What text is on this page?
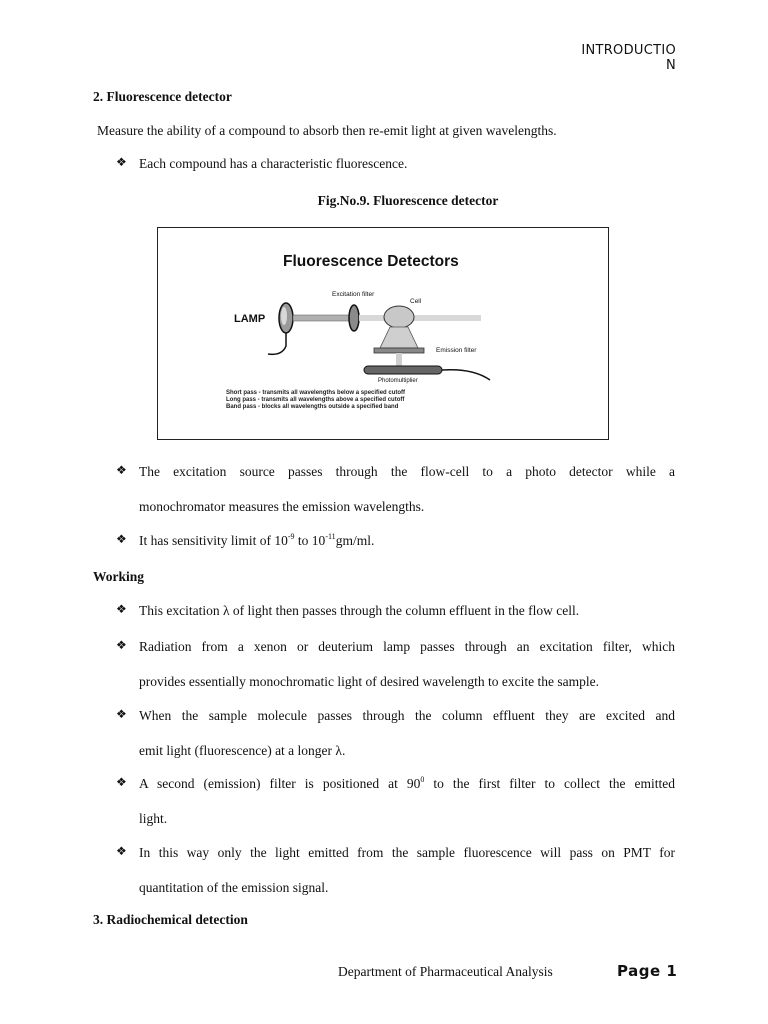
INTRODUCTIO
N
2. Fluorescence detector
Measure the ability of a compound to absorb then re-emit light at given wavelengths.
❖ Each compound has a characteristic fluorescence.
Fig.No.9. Fluorescence detector
Fluorescence Detectors
LAMP
Excitation filter
Cell
Emission filter
Photomultiplier
Short pass - transmits all wavelengths below a specified cutoff
Long pass - transmits all wavelengths above a specified cutoff
Band pass - blocks all wavelengths outside a specified band
❖ The excitation source passes through the flow-cell to a photo detector while a
monochromator measures the emission wavelengths.
❖ It has sensitivity limit of $10^{-9}$ to $10^{-11}gm/ml$.
Working
❖ This excitation λ of light then passes through the column effluent in the flow cell.
❖ Radiation from a xenon or deuterium lamp passes through an excitation filter, which
provides essentially monochromatic light of desired wavelength to excite the sample.
❖ When the sample molecule passes through the column effluent they are excited and
emit light (fluorescence) at a longer λ.
❖ A second (emission) filter is positioned at $90^0$ to the first filter to collect the emitted
light.
❖ In this way only the light emitted from the sample fluorescence will pass on PMT for
quantitation of the emission signal.
3. Radiochemical detection
Department of Pharmaceutical Analysis	Page 1
